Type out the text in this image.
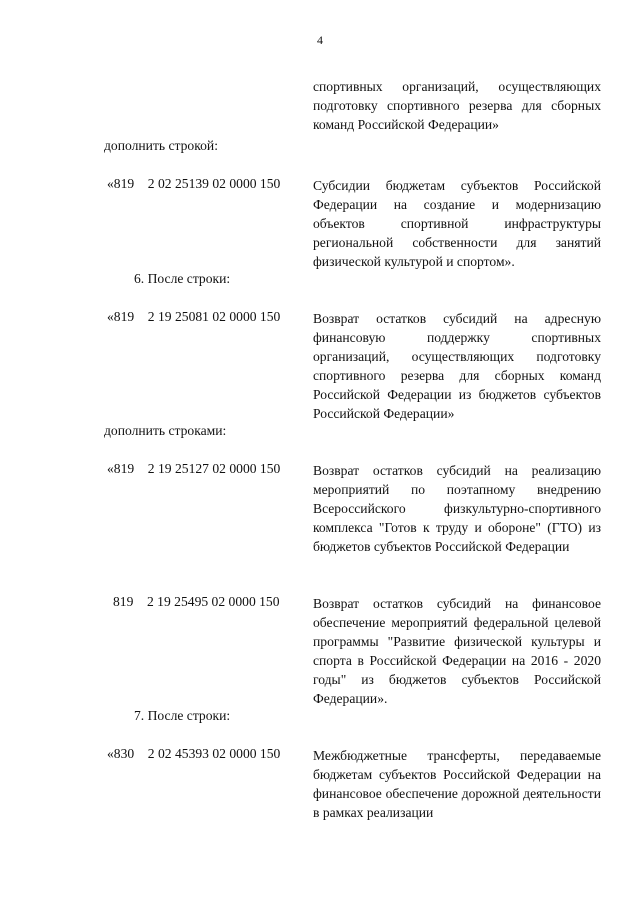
4
спортивных организаций, осуществляющих подготовку спортивного резерва для сборных команд Российской Федерации»
дополнить строкой:
«819    2 02 25139 02 0000 150 Субсидии бюджетам субъектов Российской Федерации на создание и модернизацию объектов спортивной инфраструктуры региональной собственности для занятий физической культурой и спортом».
6. После строки:
«819    2 19 25081 02 0000 150 Возврат остатков субсидий на адресную финансовую поддержку спортивных организаций, осуществляющих подготовку спортивного резерва для сборных команд Российской Федерации из бюджетов субъектов Российской Федерации»
дополнить строками:
«819    2 19 25127 02 0000 150 Возврат остатков субсидий на реализацию мероприятий по поэтапному внедрению Всероссийского физкультурно-спортивного комплекса "Готов к труду и обороне" (ГТО) из бюджетов субъектов Российской Федерации
819    2 19 25495 02 0000 150 Возврат остатков субсидий на финансовое обеспечение мероприятий федеральной целевой программы "Развитие физической культуры и спорта в Российской Федерации на 2016 - 2020 годы" из бюджетов субъектов Российской Федерации».
7. После строки:
«830    2 02 45393 02 0000 150 Межбюджетные трансферты, передаваемые бюджетам субъектов Российской Федерации на финансовое обеспечение дорожной деятельности в рамках реализации
